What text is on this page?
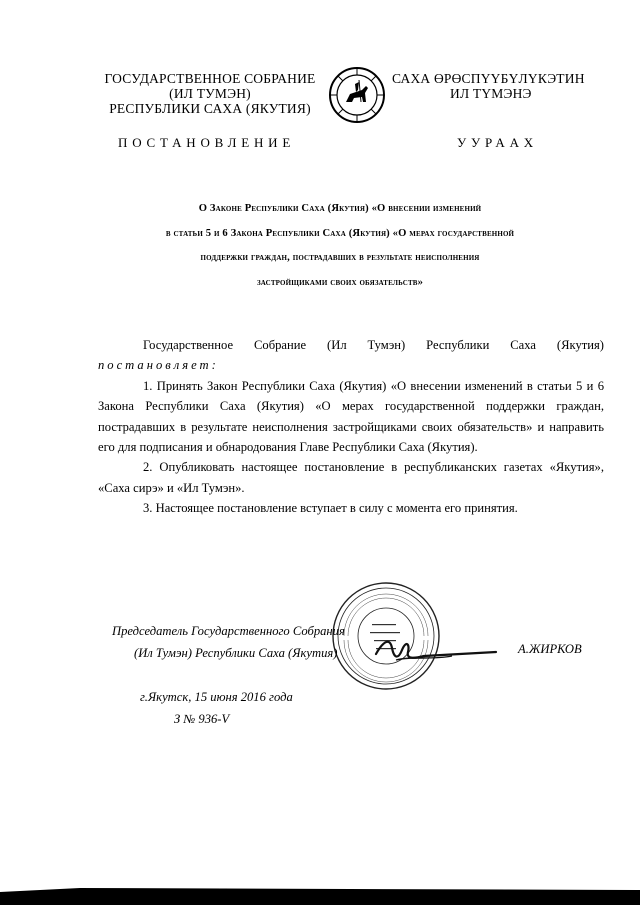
ГОСУДАРСТВЕННОЕ СОБРАНИЕ
(ИЛ ТУМЭН)
РЕСПУБЛИКИ САХА (ЯКУТИЯ)
САХА ӨРӨСПҮҮБҮЛҮКЭТИН
ИЛ ТҮМЭНЭ
ПОСТАНОВЛЕНИЕ	УУРААХ
О Законе Республики Саха (Якутия) «О внесении изменений
в статьи 5 и 6 Закона Республики Саха (Якутия) «О мерах государственной
поддержки граждан, пострадавших в результате неисполнения
застройщиками своих обязательств»

Государственное Собрание (Ил Тумэн) Республики Саха (Якутия)

постановляет:

1. Принять Закон Республики Саха (Якутия) «О внесении изменений в статьи 5 и 6 Закона Республики Саха (Якутия) «О мерах государственной поддержки граждан, пострадавших в результате неисполнения застройщиками своих обязательств» и направить его для подписания и обнародования Главе Республики Саха (Якутия).

2. Опубликовать настоящее постановление в республиканских газетах «Якутия», «Саха сирэ» и «Ил Тумэн».

3. Настоящее постановление вступает в силу с момента его принятия.

Председатель Государственного Собрания
(Ил Тумэн) Республики Саха (Якутия)	А.ЖИРКОВ
г.Якутск, 15 июня 2016 года
З № 936-V
